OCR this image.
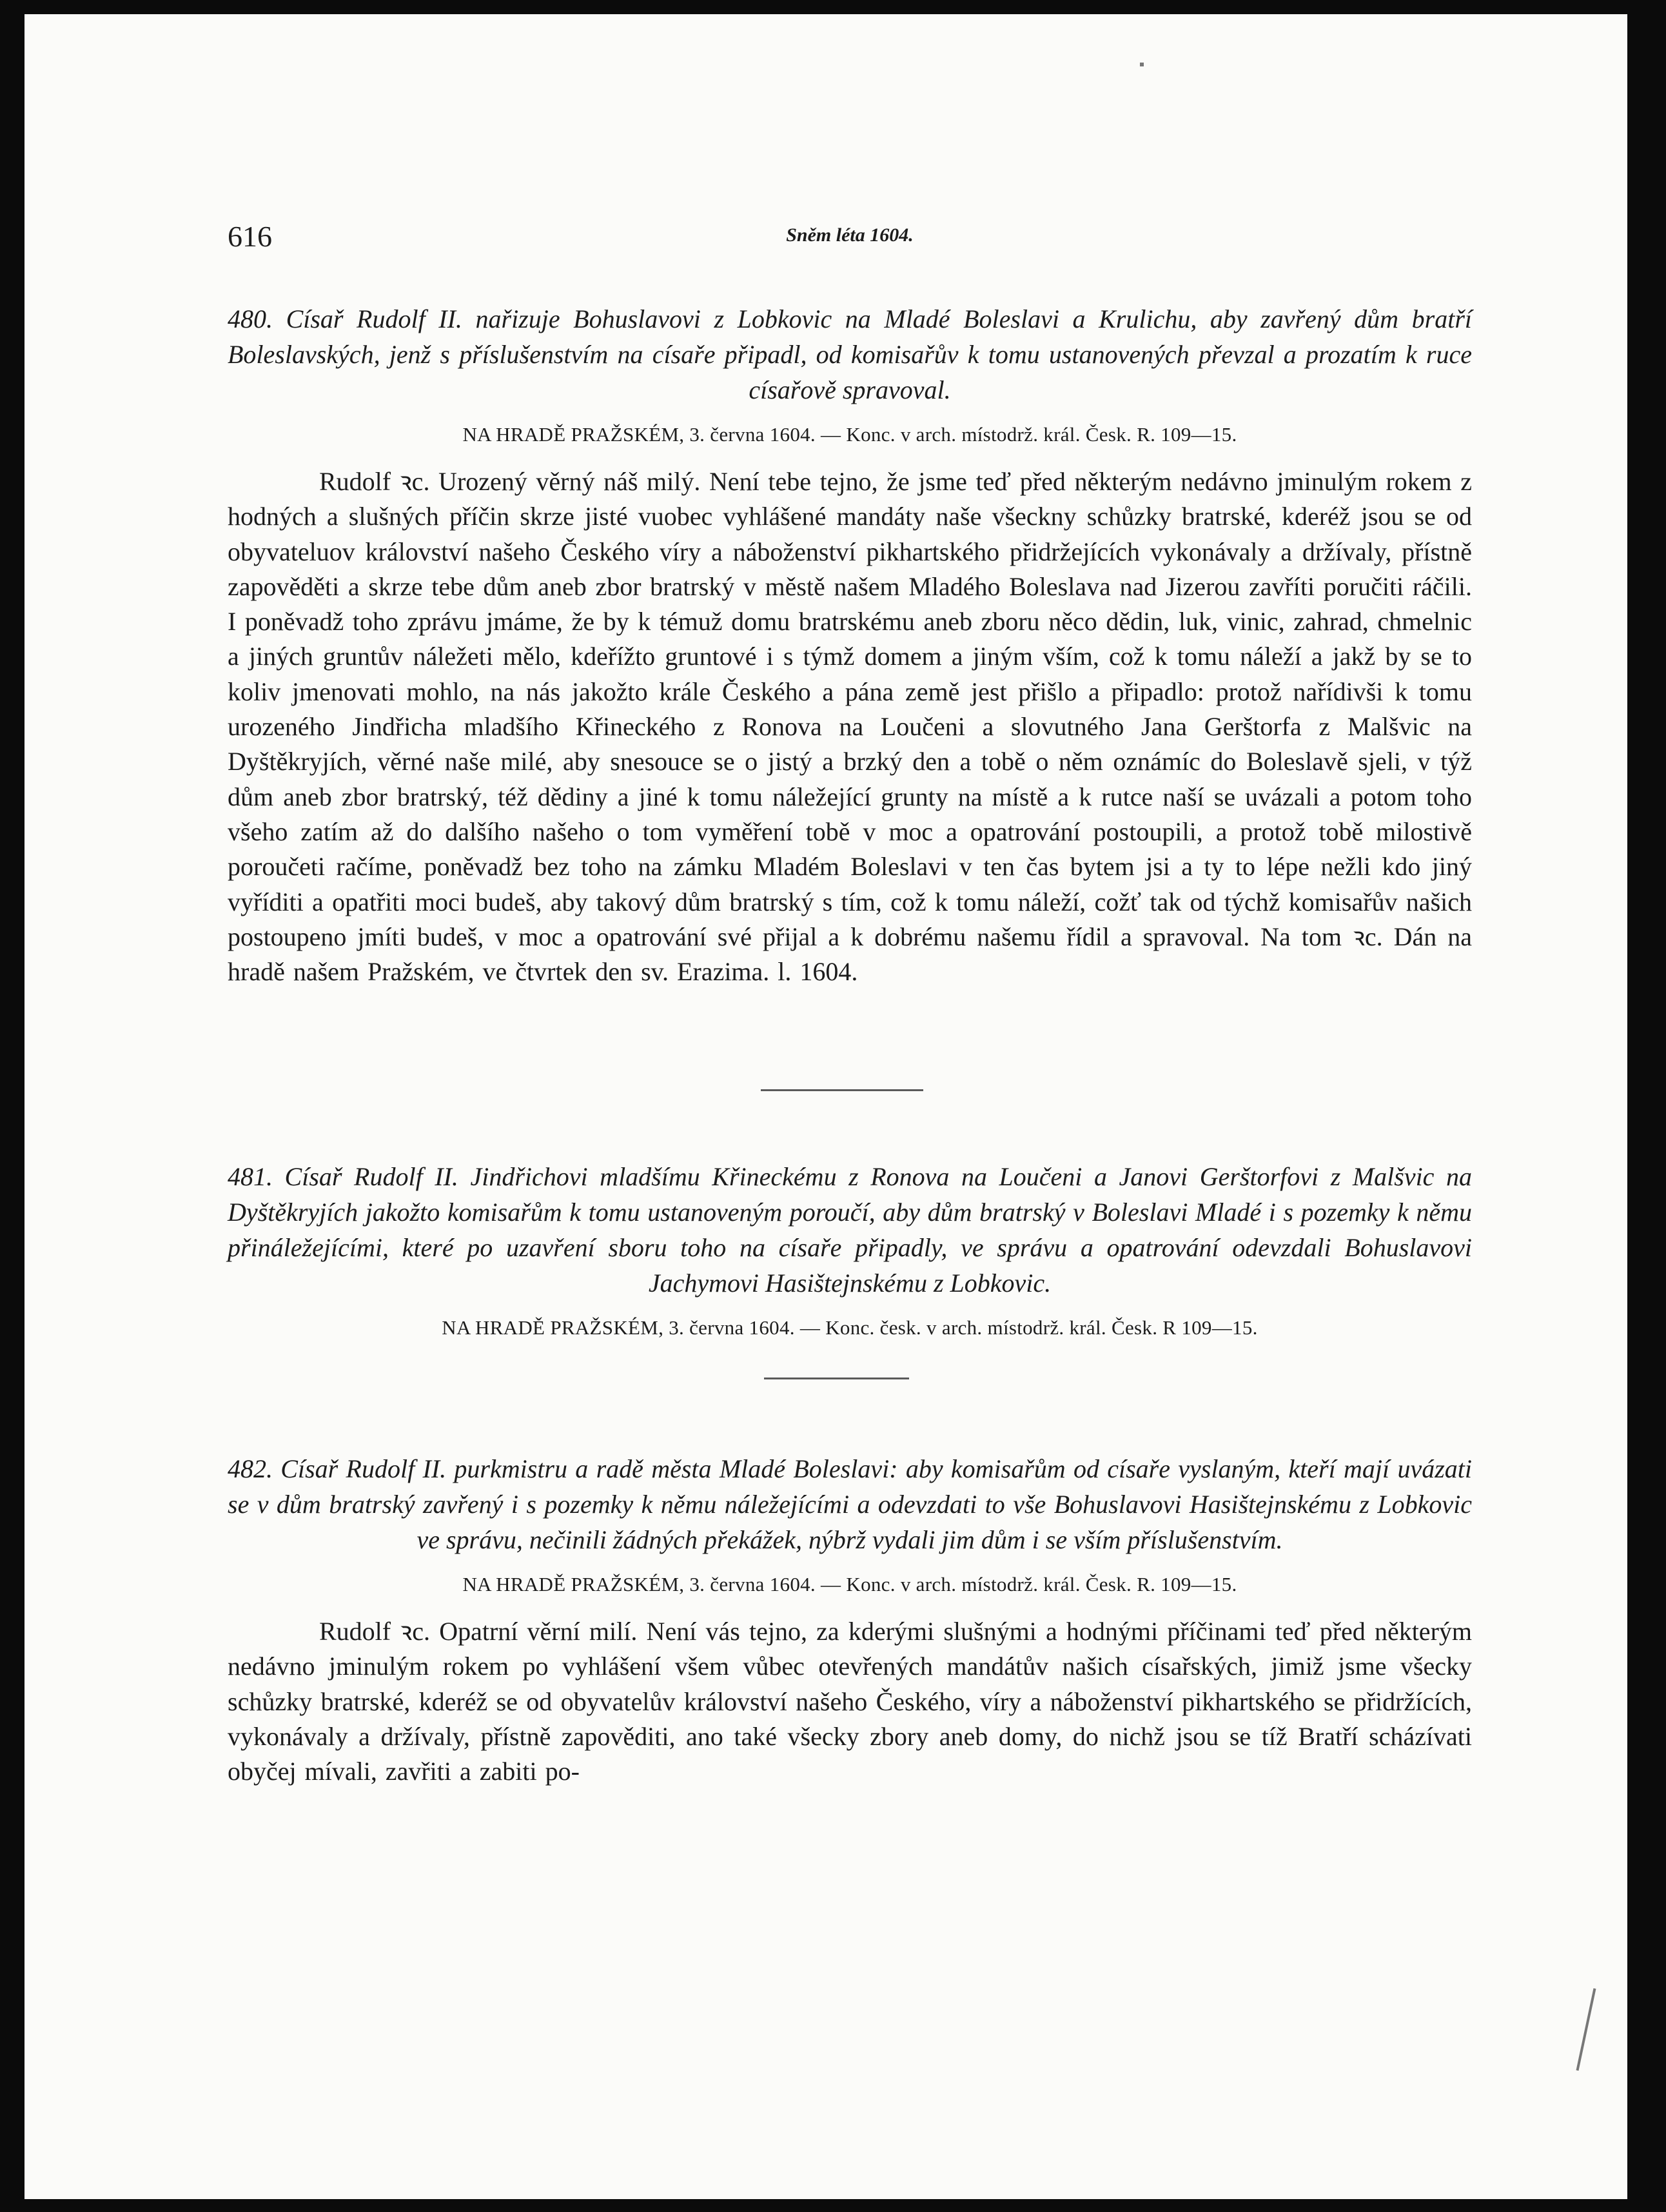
616	Sněm léta 1604.

480. Císař Rudolf II. nařizuje Bohuslavovi z Lobkovic na Mladé Boleslavi a Krulichu, aby zavřený dům bratří Boleslavských, jenž s příslušenstvím na císaře připadl, od komisařův k tomu ustanovených převzal a prozatím k ruce císařově spravoval.

NA HRADĚ PRAŽSKÉM, 3. června 1604. — Konc. v arch. místodrž. král. Česk. R. 109—15.

Rudolf ꝛc. Urozený věrný náš milý. Není tebe tejno, že jsme teď před některým nedávno jminulým rokem z hodných a slušných příčin skrze jisté vuobec vyhlášené mandáty naše všeckny schůzky bratrské, kderéž jsou se od obyvateluov království našeho Českého víry a náboženství pikhartského přidržejících vykonávaly a držívaly, přístně zapověděti a skrze tebe dům aneb zbor bratrský v městě našem Mladého Boleslava nad Jizerou zavříti poručiti ráčili. I poněvadž toho zprávu jmáme, že by k témuž domu bratrskému aneb zboru něco dědin, luk, vinic, zahrad, chmelnic a jiných gruntův náležeti mělo, kdeřížto gruntové i s týmž domem a jiným vším, což k tomu náleží a jakž by se to koliv jmenovati mohlo, na nás jakožto krále Českého a pána země jest přišlo a připadlo: protož nařídivši k tomu urozeného Jindřicha mladšího Křineckého z Ronova na Loučeni a slovutného Jana Gerštorfa z Malšvic na Dyštěkryjích, věrné naše milé, aby snesouce se o jistý a brzký den a tobě o něm oznámíc do Boleslavě sjeli, v týž dům aneb zbor bratrský, též dědiny a jiné k tomu náležející grunty na místě a k rutce naší se uvázali a potom toho všeho zatím až do dalšího našeho o tom vyměření tobě v moc a opatrování postoupili, a protož tobě milostivě poroučeti račíme, poněvadž bez toho na zámku Mladém Boleslavi v ten čas bytem jsi a ty to lépe nežli kdo jiný vyříditi a opatřiti moci budeš, aby takový dům bratrský s tím, což k tomu náleží, cožť tak od týchž komisařův našich postoupeno jmíti budeš, v moc a opatrování své přijal a k dobrému našemu řídil a spravoval. Na tom ꝛc. Dán na hradě našem Pražském, ve čtvrtek den sv. Erazima. l. 1604.

481. Císař Rudolf II. Jindřichovi mladšímu Křineckému z Ronova na Loučeni a Janovi Gerštorfovi z Malšvic na Dyštěkryjích jakožto komisařům k tomu ustanoveným poroučí, aby dům bratrský v Boleslavi Mladé i s pozemky k němu přináležejícími, které po uzavření sboru toho na císaře připadly, ve správu a opatrování odevzdali Bohuslavovi Jachymovi Hasištejnskému z Lobkovic.

NA HRADĚ PRAŽSKÉM, 3. června 1604. — Konc. česk. v arch. místodrž. král. Česk. R 109—15.

482. Císař Rudolf II. purkmistru a radě města Mladé Boleslavi: aby komisařům od císaře vyslaným, kteří mají uvázati se v dům bratrský zavřený i s pozemky k němu náležejícími a odevzdati to vše Bohuslavovi Hasištejnskému z Lobkovic ve správu, nečinili žádných překážek, nýbrž vydali jim dům i se vším příslušenstvím.

NA HRADĚ PRAŽSKÉM, 3. června 1604. — Konc. v arch. místodrž. král. Česk. R. 109—15.

Rudolf ꝛc. Opatrní věrní milí. Není vás tejno, za kderými slušnými a hodnými příčinami teď před některým nedávno jminulým rokem po vyhlášení všem vůbec otevřených mandátův našich císařských, jimiž jsme všecky schůzky bratrské, kderéž se od obyvatelův království našeho Českého, víry a náboženství pikhartského se přidržících, vykonávaly a držívaly, přístně zapověditi, ano také všecky zbory aneb domy, do nichž jsou se tíž Bratří scházívati obyčej mívali, zavřiti a zabiti po-
